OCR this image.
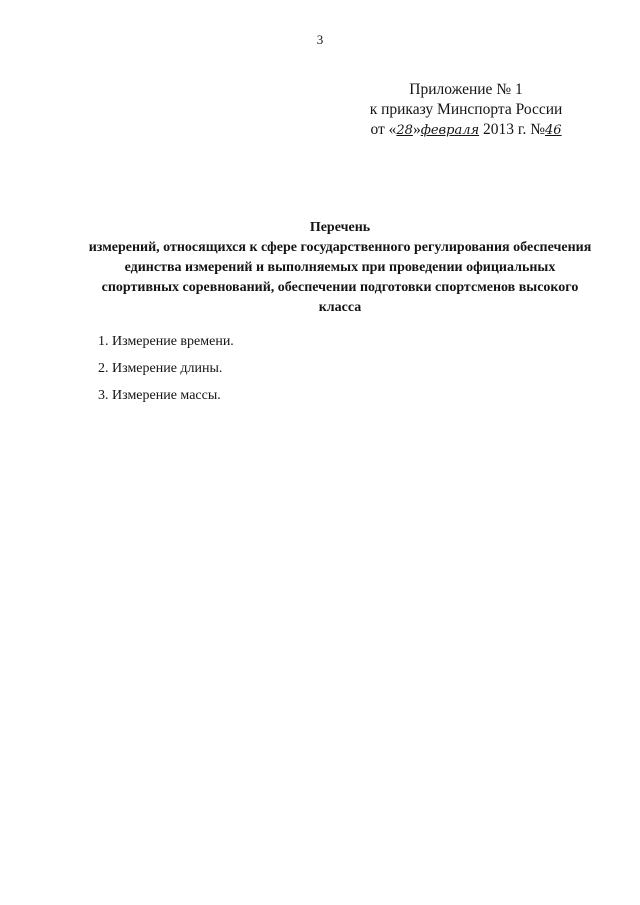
3
Приложение № 1
к приказу Минспорта России
от «28»февраля 2013 г. №46
Перечень
измерений, относящихся к сфере государственного регулирования обеспечения
единства измерений и выполняемых при проведении официальных
спортивных соревнований, обеспечении подготовки спортсменов высокого
класса
1. Измерение времени.
2. Измерение длины.
3. Измерение массы.
